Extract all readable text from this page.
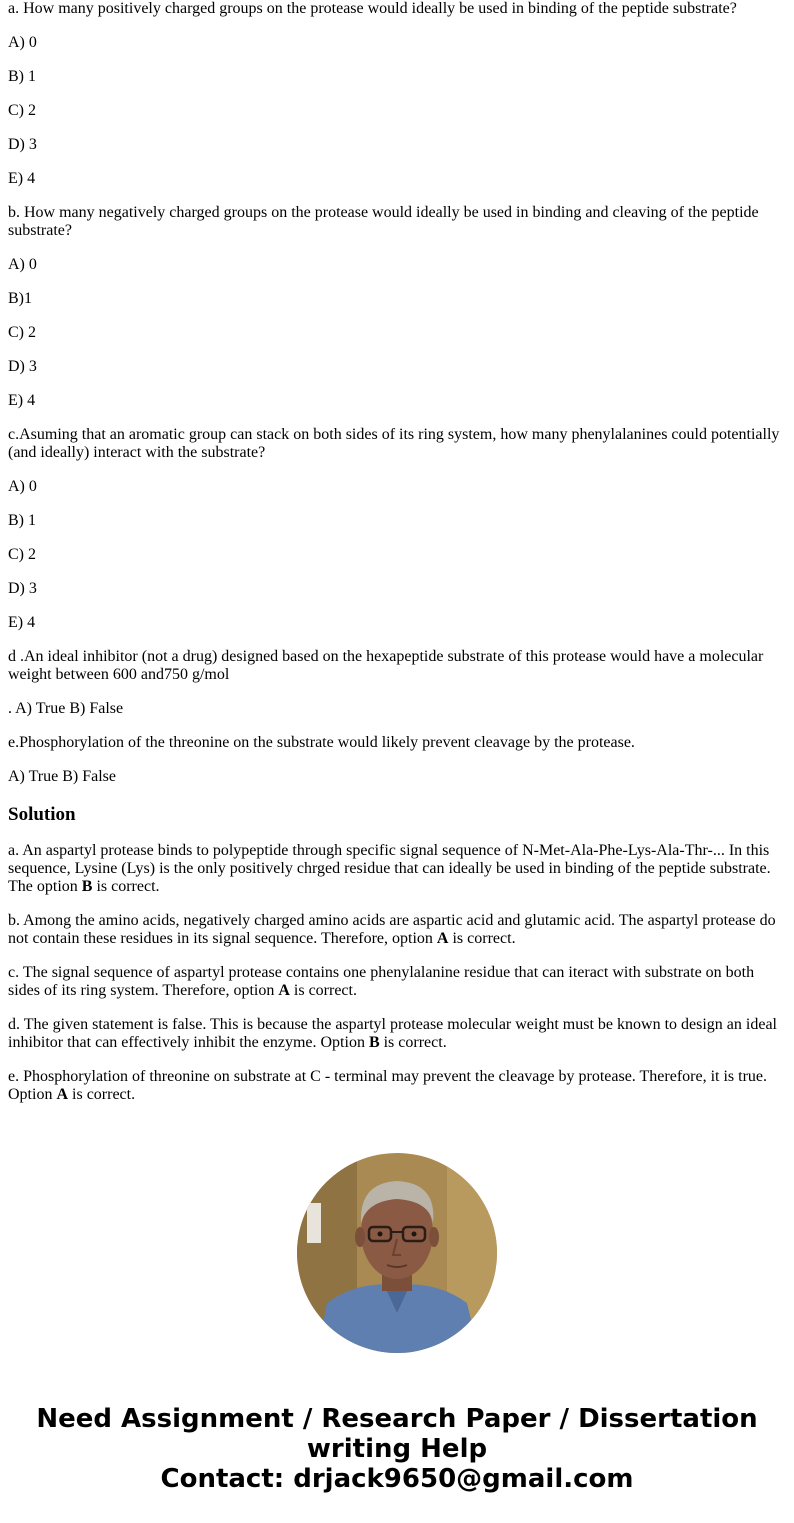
a. How many positively charged groups on the protease would ideally be used in binding of the peptide substrate?

A) 0

B) 1

C) 2

D) 3

E) 4

b. How many negatively charged groups on the protease would ideally be used in binding and cleaving of the peptide substrate?

A) 0

B)1

C) 2

D) 3

E) 4

c.Asuming that an aromatic group can stack on both sides of its ring system, how many phenylalanines could potentially (and ideally) interact with the substrate?

A) 0

B) 1

C) 2

D) 3

E) 4

d .An ideal inhibitor (not a drug) designed based on the hexapeptide substrate of this protease would have a molecular weight between 600 and750 g/mol

. A) True B) False

e.Phosphorylation of the threonine on the substrate would likely prevent cleavage by the protease.

A) True B) False

Solution

a. An aspartyl protease binds to polypeptide through specific signal sequence of N-Met-Ala-Phe-Lys-Ala-Thr-... In this sequence, Lysine (Lys) is the only positively chrged residue that can ideally be used in binding of the peptide substrate. The option B is correct.

b. Among the amino acids, negatively charged amino acids are aspartic acid and glutamic acid. The aspartyl protease do not contain these residues in its signal sequence. Therefore, option A is correct.

c. The signal sequence of aspartyl protease contains one phenylalanine residue that can iteract with substrate on both sides of its ring system. Therefore, option A is correct.

d. The given statement is false. This is because the aspartyl protease molecular weight must be known to design an ideal inhibitor that can effectively inhibit the enzyme. Option B is correct.

e. Phosphorylation of threonine on substrate at C - terminal may prevent the cleavage by protease. Therefore, it is true. Option A is correct.

Need Assignment / Research Paper / Dissertation
writing Help
Contact: drjack9650@gmail.com
